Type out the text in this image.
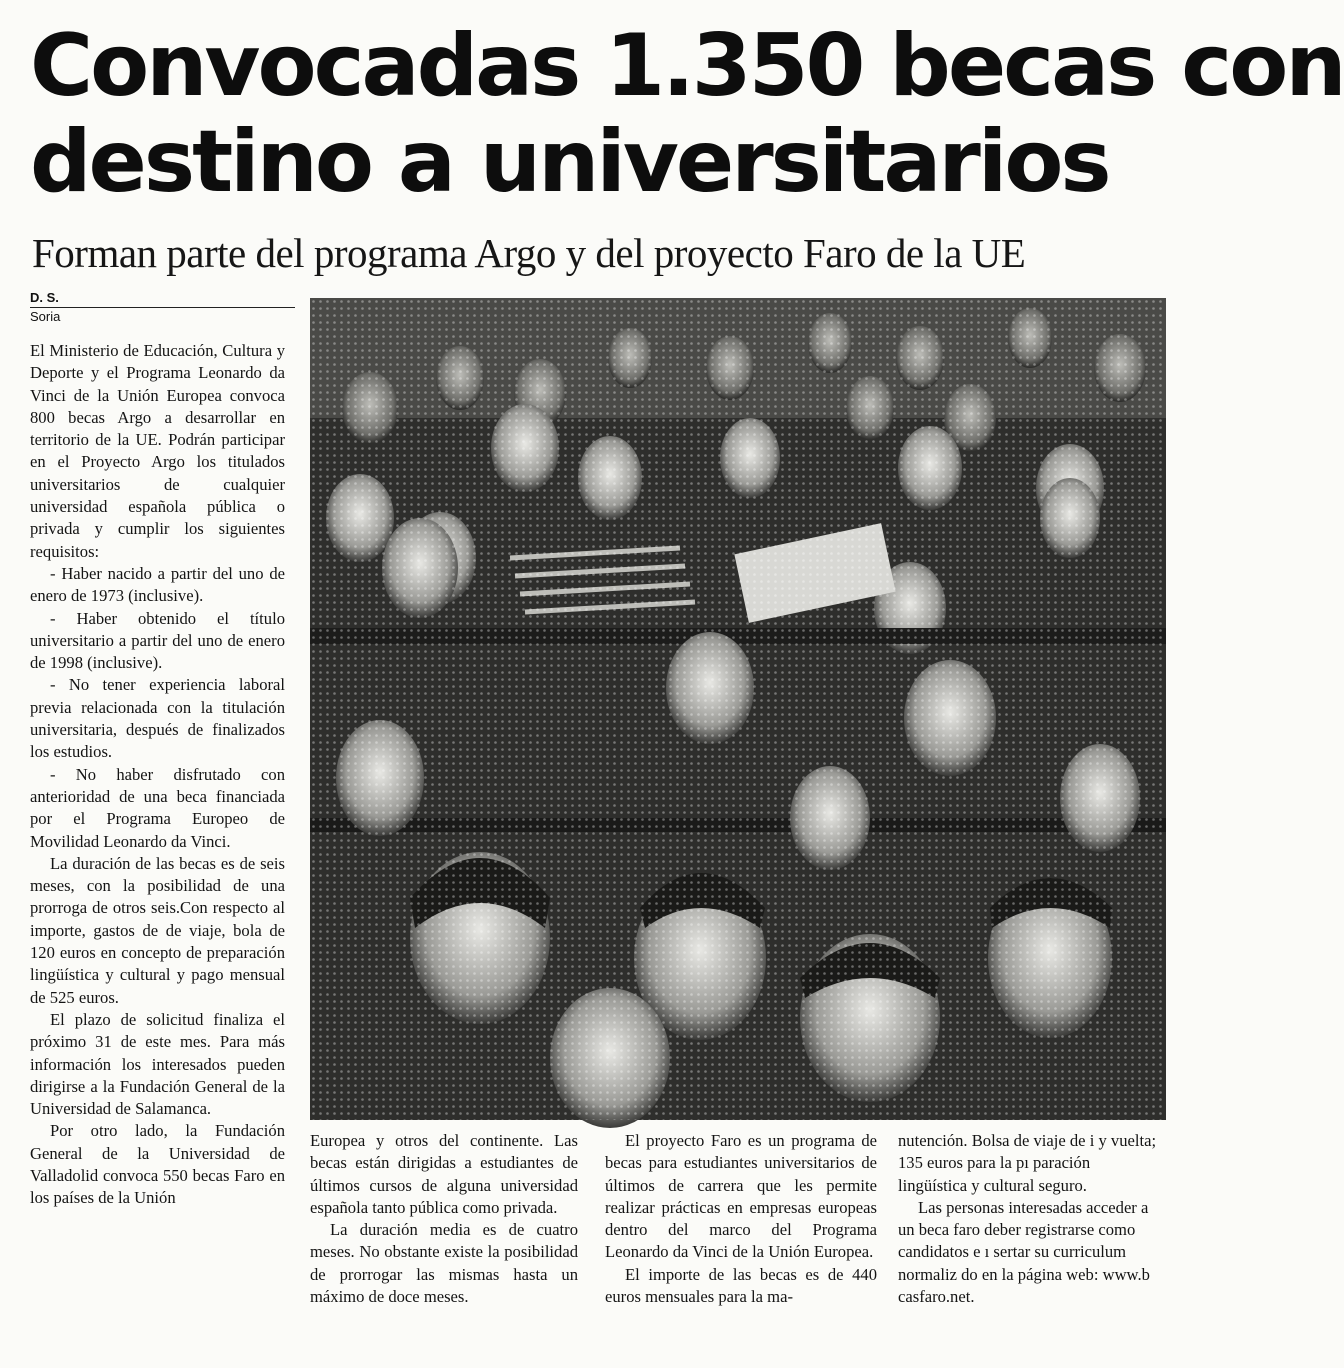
Convocadas 1.350 becas con
destino a universitarios
Forman parte del programa Argo y del proyecto Faro de la UE
D. S.
Soria

El Ministerio de Educación, Cultura y Deporte y el Programa Leonardo da Vinci de la Unión Europea convoca 800 becas Argo a desarrollar en territorio de la UE. Podrán participar en el Proyecto Argo los titulados universitarios de cualquier universidad española pública o privada y cumplir los siguientes requisitos:

- Haber nacido a partir del uno de enero de 1973 (inclusive).

- Haber obtenido el título universitario a partir del uno de enero de 1998 (inclusive).

- No tener experiencia laboral previa relacionada con la titulación universitaria, después de finalizados los estudios.

- No haber disfrutado con anterioridad de una beca financiada por el Programa Europeo de Movilidad Leonardo da Vinci.

La duración de las becas es de seis meses, con la posibilidad de una prorroga de otros seis.Con respecto al importe, gastos de de viaje, bola de 120 euros en concepto de preparación lingüística y cultural y pago mensual de 525 euros.

El plazo de solicitud finaliza el próximo 31 de este mes. Para más información los interesados pueden dirigirse a la Fundación General de la Universidad de Salamanca.

Por otro lado, la Fundación General de la Universidad de Valladolid convoca 550 becas Faro en los países de la Unión

Europea y otros del continente. Las becas están dirigidas a estudiantes de últimos cursos de alguna universidad española tanto pública como privada.

La duración media es de cuatro meses. No obstante existe la posibilidad de prorrogar las mismas hasta un máximo de doce meses.

El proyecto Faro es un programa de becas para estudiantes universitarios de últimos de carrera que les permite realizar prácticas en empresas europeas dentro del marco del Programa Leonardo da Vinci de la Unión Europea.

El importe de las becas es de 440 euros mensuales para la ma-

nutención. Bolsa de viaje de i y vuelta; 135 euros para la pı paración lingüística y cultural seguro.

Las personas interesadas acceder a un beca faro deber registrarse como candidatos e ı sertar su curriculum normaliz do en la página web: www.b casfaro.net.
